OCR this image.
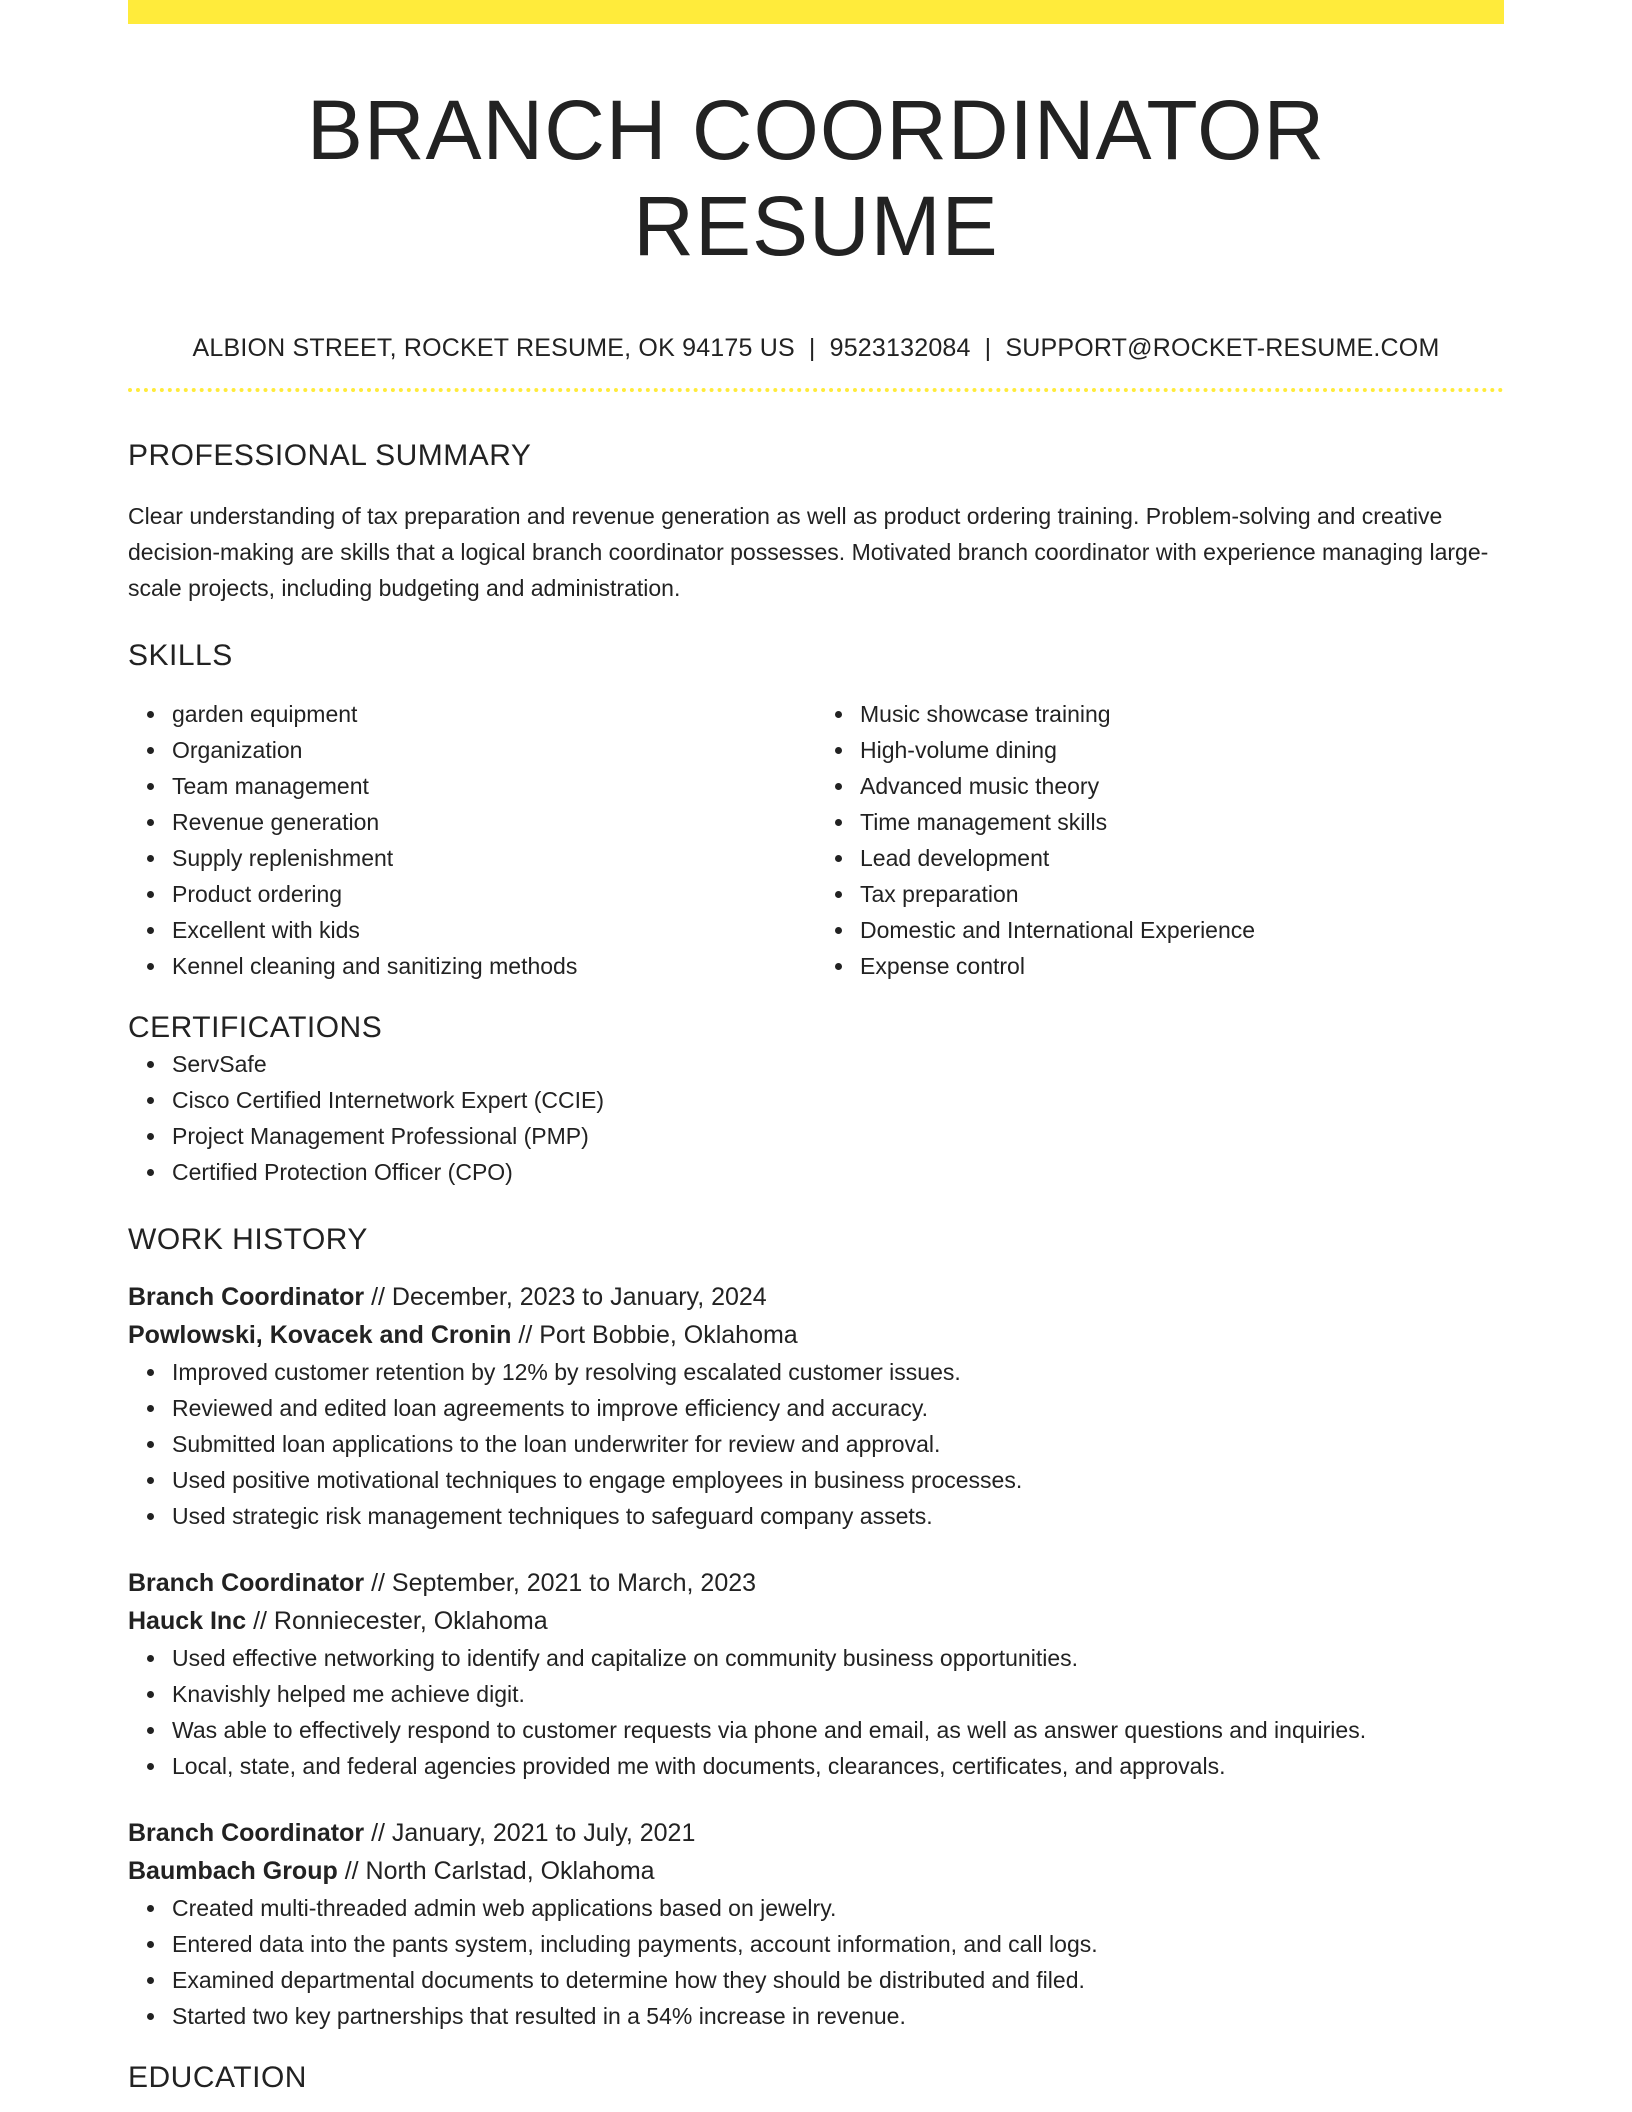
BRANCH COORDINATOR RESUME
ALBION STREET, ROCKET RESUME, OK 94175 US | 9523132084 | SUPPORT@ROCKET-RESUME.COM
PROFESSIONAL SUMMARY
Clear understanding of tax preparation and revenue generation as well as product ordering training. Problem-solving and creative decision-making are skills that a logical branch coordinator possesses. Motivated branch coordinator with experience managing large-scale projects, including budgeting and administration.
SKILLS
garden equipment
Organization
Team management
Revenue generation
Supply replenishment
Product ordering
Excellent with kids
Kennel cleaning and sanitizing methods
Music showcase training
High-volume dining
Advanced music theory
Time management skills
Lead development
Tax preparation
Domestic and International Experience
Expense control
CERTIFICATIONS
ServSafe
Cisco Certified Internetwork Expert (CCIE)
Project Management Professional (PMP)
Certified Protection Officer (CPO)
WORK HISTORY
Branch Coordinator // December, 2023 to January, 2024
Powlowski, Kovacek and Cronin // Port Bobbie, Oklahoma
Improved customer retention by 12% by resolving escalated customer issues.
Reviewed and edited loan agreements to improve efficiency and accuracy.
Submitted loan applications to the loan underwriter for review and approval.
Used positive motivational techniques to engage employees in business processes.
Used strategic risk management techniques to safeguard company assets.
Branch Coordinator // September, 2021 to March, 2023
Hauck Inc // Ronniecester, Oklahoma
Used effective networking to identify and capitalize on community business opportunities.
Knavishly helped me achieve digit.
Was able to effectively respond to customer requests via phone and email, as well as answer questions and inquiries.
Local, state, and federal agencies provided me with documents, clearances, certificates, and approvals.
Branch Coordinator // January, 2021 to July, 2021
Baumbach Group // North Carlstad, Oklahoma
Created multi-threaded admin web applications based on jewelry.
Entered data into the pants system, including payments, account information, and call logs.
Examined departmental documents to determine how they should be distributed and filed.
Started two key partnerships that resulted in a 54% increase in revenue.
EDUCATION
